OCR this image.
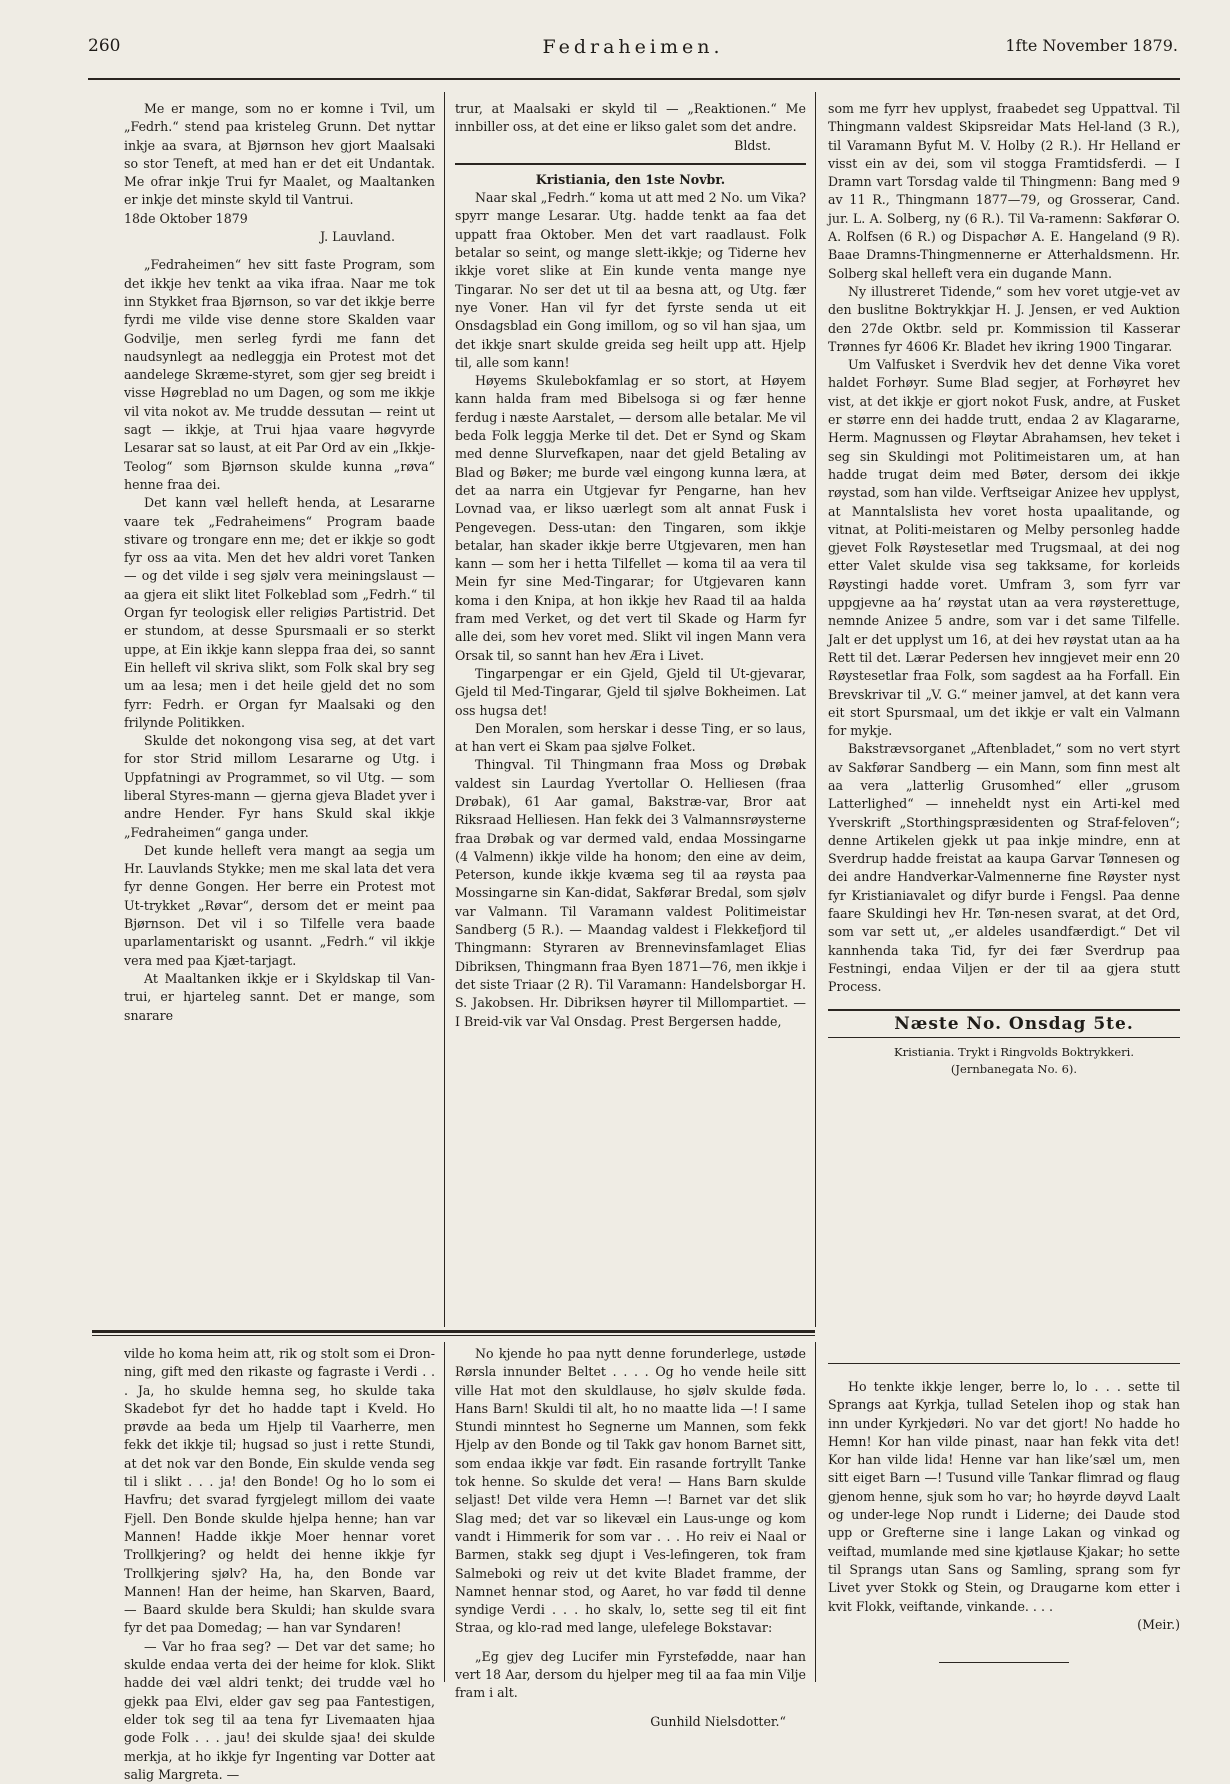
260	Fedraheimen.	1fte November 1879.

Me er mange, som no er komne i Tvil, um „Fedrh.“ stend paa kristeleg Grunn. Det nyttar inkje aa svara, at Bjørnson hev gjort Maalsaki so stor Teneft, at med han er det eit Undantak. Me ofrar inkje Trui fyr Maalet, og Maaltanken er inkje det minste skyld til Vantrui.

18de Oktober 1879

J. Lauvland.

„Fedraheimen“ hev sitt faste Program, som det ikkje hev tenkt aa vika ifraa. Naar me tok inn Stykket fraa Bjørnson, so var det ikkje berre fyrdi me vilde vise denne store Skalden vaar Godvilje, men serleg fyrdi me fann det naudsynlegt aa nedleggja ein Protest mot det aandelege Skræme-styret, som gjer seg breidt i visse Høgreblad no um Dagen, og som me ikkje vil vita nokot av. Me trudde dessutan — reint ut sagt — ikkje, at Trui hjaa vaare høgvyrde Lesarar sat so laust, at eit Par Ord av ein „Ikkje-Teolog“ som Bjørnson skulde kunna „røva“ henne fraa dei.

Det kann væl helleft henda, at Lesararne vaare tek „Fedraheimens“ Program baade stivare og trongare enn me; det er ikkje so godt fyr oss aa vita. Men det hev aldri voret Tanken — og det vilde i seg sjølv vera meiningslaust — aa gjera eit slikt litet Folkeblad som „Fedrh.“ til Organ fyr teologisk eller religiøs Partistrid. Det er stundom, at desse Spursmaali er so sterkt uppe, at Ein ikkje kann sleppa fraa dei, so sannt Ein helleft vil skriva slikt, som Folk skal bry seg um aa lesa; men i det heile gjeld det no som fyrr: Fedrh. er Organ fyr Maalsaki og den frilynde Politikken.

Skulde det nokongong visa seg, at det vart for stor Strid millom Lesararne og Utg. i Uppfatningi av Programmet, so vil Utg. — som liberal Styres-mann — gjerna gjeva Bladet yver i andre Hender. Fyr hans Skuld skal ikkje „Fedraheimen“ ganga under.

Det kunde helleft vera mangt aa segja um Hr. Lauvlands Stykke; men me skal lata det vera fyr denne Gongen. Her berre ein Protest mot Ut-trykket „Røvar“, dersom det er meint paa Bjørnson. Det vil i so Tilfelle vera baade uparlamentariskt og usannt. „Fedrh.“ vil ikkje vera med paa Kjæt-tarjagt.

At Maaltanken ikkje er i Skyldskap til Van-trui, er hjarteleg sannt. Det er mange, som snarare

trur, at Maalsaki er skyld til — „Reaktionen.“ Me innbiller oss, at det eine er likso galet som det andre.

Bldst.

Kristiania, den 1ste Novbr.

Naar skal „Fedrh.“ koma ut att med 2 No. um Vika? spyrr mange Lesarar. Utg. hadde tenkt aa faa det uppatt fraa Oktober. Men det vart raadlaust. Folk betalar so seint, og mange slett-ikkje; og Tiderne hev ikkje voret slike at Ein kunde venta mange nye Tingarar. No ser det ut til aa besna att, og Utg. fær nye Voner. Han vil fyr det fyrste senda ut eit Onsdagsblad ein Gong imillom, og so vil han sjaa, um det ikkje snart skulde greida seg heilt upp att. Hjelp til, alle som kann!

Høyems Skulebokfamlag er so stort, at Høyem kann halda fram med Bibelsoga si og fær henne ferdug i næste Aarstalet, — dersom alle betalar. Me vil beda Folk leggja Merke til det. Det er Synd og Skam med denne Slurvefkapen, naar det gjeld Betaling av Blad og Bøker; me burde væl eingong kunna læra, at det aa narra ein Utgjevar fyr Pengarne, han hev Lovnad vaa, er likso uærlegt som alt annat Fusk i Pengevegen. Dess-utan: den Tingaren, som ikkje betalar, han skader ikkje berre Utgjevaren, men han kann — som her i hetta Tilfellet — koma til aa vera til Mein fyr sine Med-Tingarar; for Utgjevaren kann koma i den Knipa, at hon ikkje hev Raad til aa halda fram med Verket, og det vert til Skade og Harm fyr alle dei, som hev voret med. Slikt vil ingen Mann vera Orsak til, so sannt han hev Æra i Livet.

Tingarpengar er ein Gjeld, Gjeld til Ut-gjevarar, Gjeld til Med-Tingarar, Gjeld til sjølve Bokheimen. Lat oss hugsa det!

Den Moralen, som herskar i desse Ting, er so laus, at han vert ei Skam paa sjølve Folket.

Thingval. Til Thingmann fraa Moss og Drøbak valdest sin Laurdag Yvertollar O. Helliesen (fraa Drøbak), 61 Aar gamal, Bakstræ-var, Bror aat Riksraad Helliesen. Han fekk dei 3 Valmannsrøysterne fraa Drøbak og var dermed vald, endaa Mossingarne (4 Valmenn) ikkje vilde ha honom; den eine av deim, Peterson, kunde ikkje kvæma seg til aa røysta paa Mossingarne sin Kan-didat, Sakførar Bredal, som sjølv var Valmann. Til Varamann valdest Politimeistar Sandberg (5 R.). — Maandag valdest i Flekkefjord til Thingmann: Styraren av Brennevinsfamlaget Elias Dibriksen, Thingmann fraa Byen 1871—76, men ikkje i det siste Triaar (2 R). Til Varamann: Handelsborgar H. S. Jakobsen. Hr. Dibriksen høyrer til Millompartiet. — I Breid-vik var Val Onsdag. Prest Bergersen hadde,

som me fyrr hev upplyst, fraabedet seg Uppattval. Til Thingmann valdest Skipsreidar Mats Hel-land (3 R.), til Varamann Byfut M. V. Holby (2 R.). Hr Helland er visst ein av dei, som vil stogga Framtidsferdi. — I Dramn vart Torsdag valde til Thingmenn: Bang med 9 av 11 R., Thingmann 1877—79, og Grosserar, Cand. jur. L. A. Solberg, ny (6 R.). Til Va-ramenn: Sakførar O. A. Rolfsen (6 R.) og Dispachør A. E. Hangeland (9 R). Baae Dramns-Thingmennerne er Atterhaldsmenn. Hr. Solberg skal helleft vera ein dugande Mann.

Ny illustreret Tidende,“ som hev voret utgje-vet av den buslitne Boktrykkjar H. J. Jensen, er ved Auktion den 27de Oktbr. seld pr. Kommission til Kasserar Trønnes fyr 4606 Kr. Bladet hev ikring 1900 Tingarar.

Um Valfusket i Sverdvik hev det denne Vika voret haldet Forhøyr. Sume Blad segjer, at Forhøyret hev vist, at det ikkje er gjort nokot Fusk, andre, at Fusket er større enn dei hadde trutt, endaa 2 av Klagararne, Herm. Magnussen og Fløytar Abrahamsen, hev teket i seg sin Skuldingi mot Politimeistaren um, at han hadde trugat deim med Bøter, dersom dei ikkje røystad, som han vilde. Verftseigar Anizee hev upplyst, at Manntalslista hev voret hosta upaalitande, og vitnat, at Politi-meistaren og Melby personleg hadde gjevet Folk Røystesetlar med Trugsmaal, at dei nog etter Valet skulde visa seg takksame, for korleids Røystingi hadde voret. Umfram 3, som fyrr var uppgjevne aa ha’ røystat utan aa vera røysterettuge, nemnde Anizee 5 andre, som var i det same Tilfelle. Jalt er det upplyst um 16, at dei hev røystat utan aa ha Rett til det. Lærar Pedersen hev inngjevet meir enn 20 Røystesetlar fraa Folk, som sagdest aa ha Forfall. Ein Brevskrivar til „V. G.“ meiner jamvel, at det kann vera eit stort Spursmaal, um det ikkje er valt ein Valmann for mykje.

Bakstrævsorganet „Aftenbladet,“ som no vert styrt av Sakførar Sandberg — ein Mann, som finn mest alt aa vera „latterlig Grusomhed“ eller „grusom Latterlighed“ — inneheldt nyst ein Arti-kel med Yverskrift „Storthingspræsidenten og Straf-feloven“; denne Artikelen gjekk ut paa inkje mindre, enn at Sverdrup hadde freistat aa kaupa Garvar Tønnesen og dei andre Handverkar-Valmennerne fine Røyster nyst fyr Kristianiavalet og difyr burde i Fengsl. Paa denne faare Skuldingi hev Hr. Tøn-nesen svarat, at det Ord, som var sett ut, „er aldeles usandfærdigt.“ Det vil kannhenda taka Tid, fyr dei fær Sverdrup paa Festningi, endaa Viljen er der til aa gjera stutt Process.

Næste No. Onsdag 5te.

Kristiania. Trykt i Ringvolds Boktrykkeri.

(Jernbanegata No. 6).

vilde ho koma heim att, rik og stolt som ei Dron-ning, gift med den rikaste og fagraste i Verdi . . . Ja, ho skulde hemna seg, ho skulde taka Skadebot fyr det ho hadde tapt i Kveld. Ho prøvde aa beda um Hjelp til Vaarherre, men fekk det ikkje til; hugsad so just i rette Stundi, at det nok var den Bonde, Ein skulde venda seg til i slikt . . . ja! den Bonde! Og ho lo som ei Havfru; det svarad fyrgjelegt millom dei vaate Fjell. Den Bonde skulde hjelpa henne; han var Mannen! Hadde ikkje Moer hennar voret Trollkjering? og heldt dei henne ikkje fyr Trollkjering sjølv? Ha, ha, den Bonde var Mannen! Han der heime, han Skarven, Baard, — Baard skulde bera Skuldi; han skulde svara fyr det paa Domedag; — han var Syndaren!

— Var ho fraa seg? — Det var det same; ho skulde endaa verta dei der heime for klok. Slikt hadde dei væl aldri tenkt; dei trudde væl ho gjekk paa Elvi, elder gav seg paa Fantestigen, elder tok seg til aa tena fyr Livemaaten hjaa gode Folk . . . jau! dei skulde sjaa! dei skulde merkja, at ho ikkje fyr Ingenting var Dotter aat salig Margreta. —

No kjende ho paa nytt denne forunderlege, ustøde Rørsla innunder Beltet . . . . Og ho vende heile sitt ville Hat mot den skuldlause, ho sjølv skulde føda. Hans Barn! Skuldi til alt, ho no maatte lida —! I same Stundi minntest ho Segnerne um Mannen, som fekk Hjelp av den Bonde og til Takk gav honom Barnet sitt, som endaa ikkje var født. Ein rasande fortryllt Tanke tok henne. So skulde det vera! — Hans Barn skulde seljast! Det vilde vera Hemn —! Barnet var det slik Slag med; det var so likevæl ein Laus-unge og kom vandt i Himmerik for som var . . . Ho reiv ei Naal or Barmen, stakk seg djupt i Ves-lefingeren, tok fram Salmeboki og reiv ut det kvite Bladet framme, der Namnet hennar stod, og Aaret, ho var fødd til denne syndige Verdi . . . ho skalv, lo, sette seg til eit fint Straa, og klo-rad med lange, ulefelege Bokstavar:

„Eg gjev deg Lucifer min Fyrstefødde, naar han vert 18 Aar, dersom du hjelper meg til aa faa min Vilje fram i alt.

Gunhild Nielsdotter.“

Ho tenkte ikkje lenger, berre lo, lo . . . sette til Sprangs aat Kyrkja, tullad Setelen ihop og stak han inn under Kyrkjedøri. No var det gjort! No hadde ho Hemn! Kor han vilde pinast, naar han fekk vita det! Kor han vilde lida! Henne var han like’sæl um, men sitt eiget Barn —! Tusund ville Tankar flimrad og flaug gjenom henne, sjuk som ho var; ho høyrde døyvd Laalt og under-lege Nop rundt i Liderne; dei Daude stod upp or Grefterne sine i lange Lakan og vinkad og veiftad, mumlande med sine kjøtlause Kjakar; ho sette til Sprangs utan Sans og Samling, sprang som fyr Livet yver Stokk og Stein, og Draugarne kom etter i kvit Flokk, veiftande, vinkande. . . .

(Meir.)
